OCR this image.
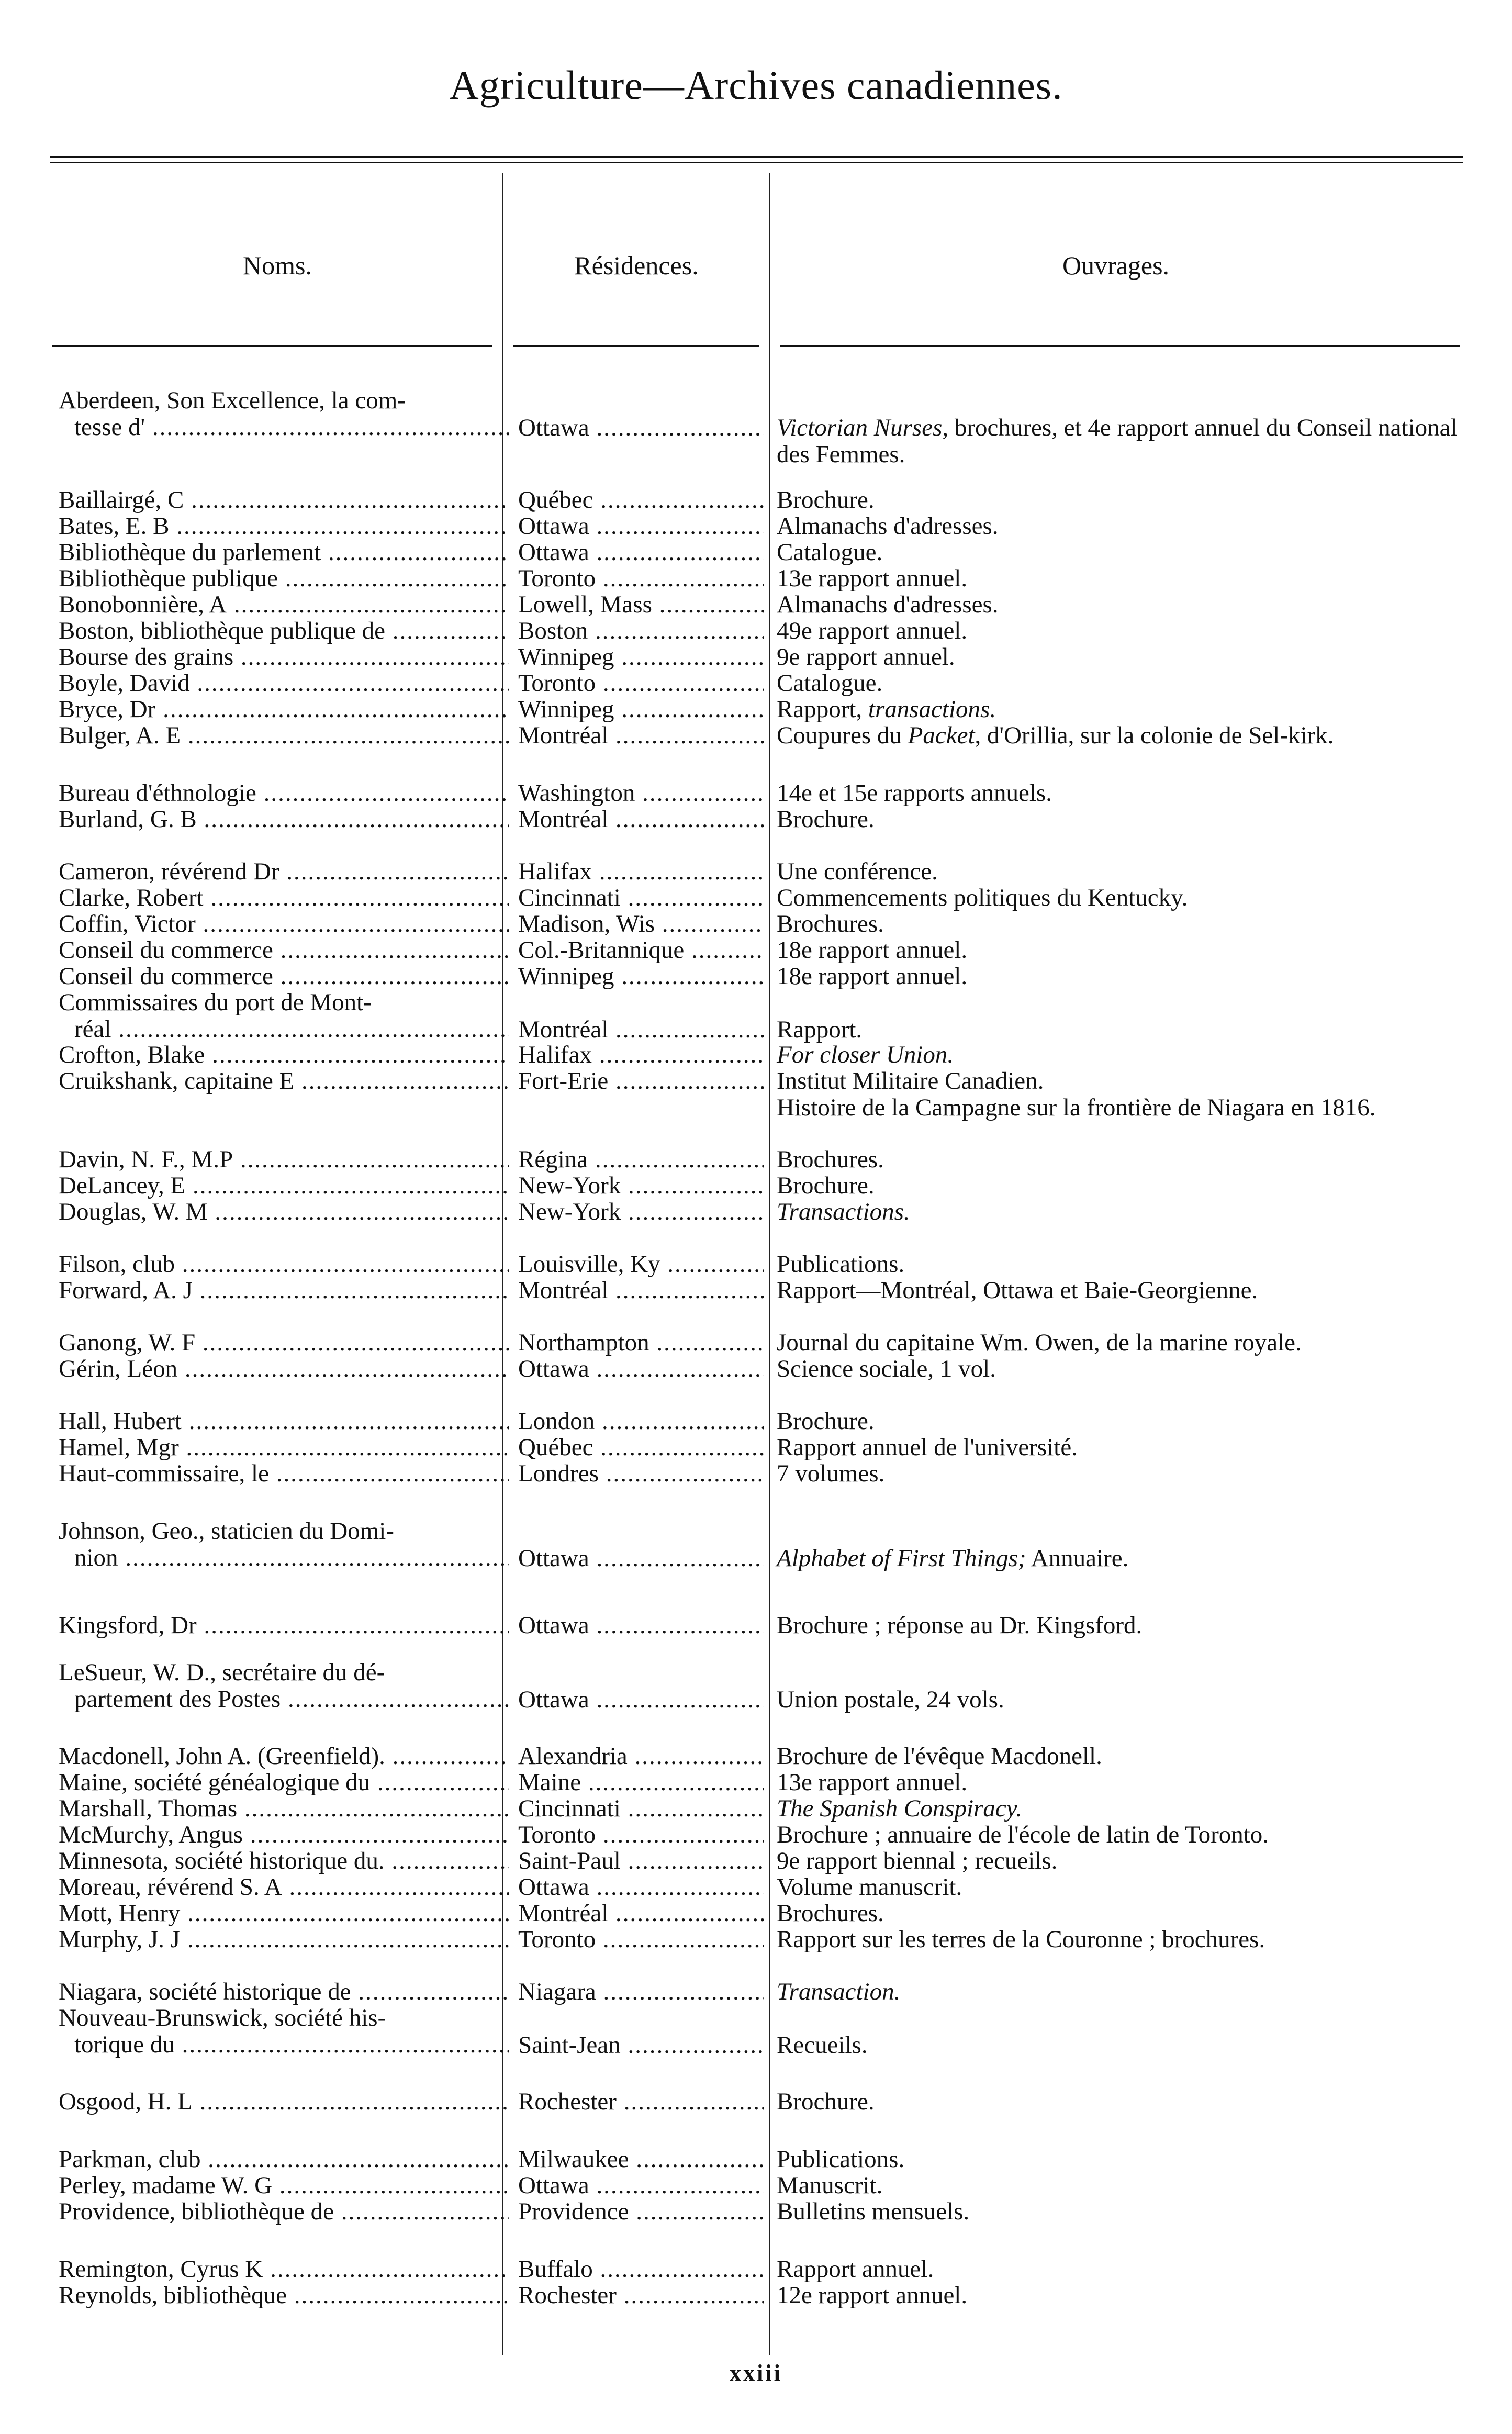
Agriculture—Archives canadiennes.
Noms.	Résidences.	Ouvrages.
Aberdeen, Son Excellence, la com-
tesse d' .....	Ottawa .....	Victorian Nurses, brochures, et 4e rapport annuel du Conseil national des Femmes.
Baillairgé, C .....	Québec .....	Brochure.
Bates, E. B .....	Ottawa .....	Almanachs d'adresses.
Bibliothèque du parlement .....	Ottawa .....	Catalogue.
Bibliothèque publique .....	Toronto .....	13e rapport annuel.
Bonobonnière, A .....	Lowell, Mass .....	Almanachs d'adresses.
Boston, bibliothèque publique de .....	Boston .....	49e rapport annuel.
Bourse des grains .....	Winnipeg .....	9e rapport annuel.
Boyle, David .....	Toronto .....	Catalogue.
Bryce, Dr .....	Winnipeg .....	Rapport, transactions.
Bulger, A. E .....	Montréal .....	Coupures du Packet, d'Orillia, sur la colonie de Sel-kirk.
Bureau d'éthnologie .....	Washington .....	14e et 15e rapports annuels.
Burland, G. B .....	Montréal .....	Brochure.
Cameron, révérend Dr .....	Halifax .....	Une conférence.
Clarke, Robert .....	Cincinnati .....	Commencements politiques du Kentucky.
Coffin, Victor .....	Madison, Wis .....	Brochures.
Conseil du commerce .....	Col.-Britannique .....	18e rapport annuel.
Conseil du commerce .....	Winnipeg .....	18e rapport annuel.
Commissaires du port de Mont-
réal .....	Montréal .....	Rapport.
Crofton, Blake .....	Halifax .....	For closer Union.
Cruikshank, capitaine E .....	Fort-Erie .....	Institut Militaire Canadien.
Histoire de la Campagne sur la frontière de Niagara en 1816.
Davin, N. F., M.P .....	Régina .....	Brochures.
DeLancey, E .....	New-York .....	Brochure.
Douglas, W. M .....	New-York .....	Transactions.
Filson, club .....	Louisville, Ky .....	Publications.
Forward, A. J .....	Montréal .....	Rapport—Montréal, Ottawa et Baie-Georgienne.
Ganong, W. F .....	Northampton .....	Journal du capitaine Wm. Owen, de la marine royale.
Gérin, Léon .....	Ottawa .....	Science sociale, 1 vol.
Hall, Hubert .....	London .....	Brochure.
Hamel, Mgr .....	Québec .....	Rapport annuel de l'université.
Haut-commissaire, le .....	Londres .....	7 volumes.
Johnson, Geo., staticien du Domi-
nion .....	Ottawa .....	Alphabet of First Things; Annuaire.
Kingsford, Dr .....	Ottawa .....	Brochure ; réponse au Dr. Kingsford.
LeSueur, W. D., secrétaire du dé-
partement des Postes .....	Ottawa .....	Union postale, 24 vols.
Macdonell, John A. (Greenfield). .....	Alexandria .....	Brochure de l'évêque Macdonell.
Maine, société généalogique du .....	Maine .....	13e rapport annuel.
Marshall, Thomas .....	Cincinnati .....	The Spanish Conspiracy.
McMurchy, Angus .....	Toronto .....	Brochure ; annuaire de l'école de latin de Toronto.
Minnesota, société historique du. .....	Saint-Paul .....	9e rapport biennal ; recueils.
Moreau, révérend S. A .....	Ottawa .....	Volume manuscrit.
Mott, Henry .....	Montréal .....	Brochures.
Murphy, J. J .....	Toronto .....	Rapport sur les terres de la Couronne ; brochures.
Niagara, société historique de .....	Niagara .....	Transaction.
Nouveau-Brunswick, société his-
torique du .....	Saint-Jean .....	Recueils.
Osgood, H. L .....	Rochester .....	Brochure.
Parkman, club .....	Milwaukee .....	Publications.
Perley, madame W. G .....	Ottawa .....	Manuscrit.
Providence, bibliothèque de .....	Providence .....	Bulletins mensuels.
Remington, Cyrus K .....	Buffalo .....	Rapport annuel.
Reynolds, bibliothèque .....	Rochester .....	12e rapport annuel.
xxiii
